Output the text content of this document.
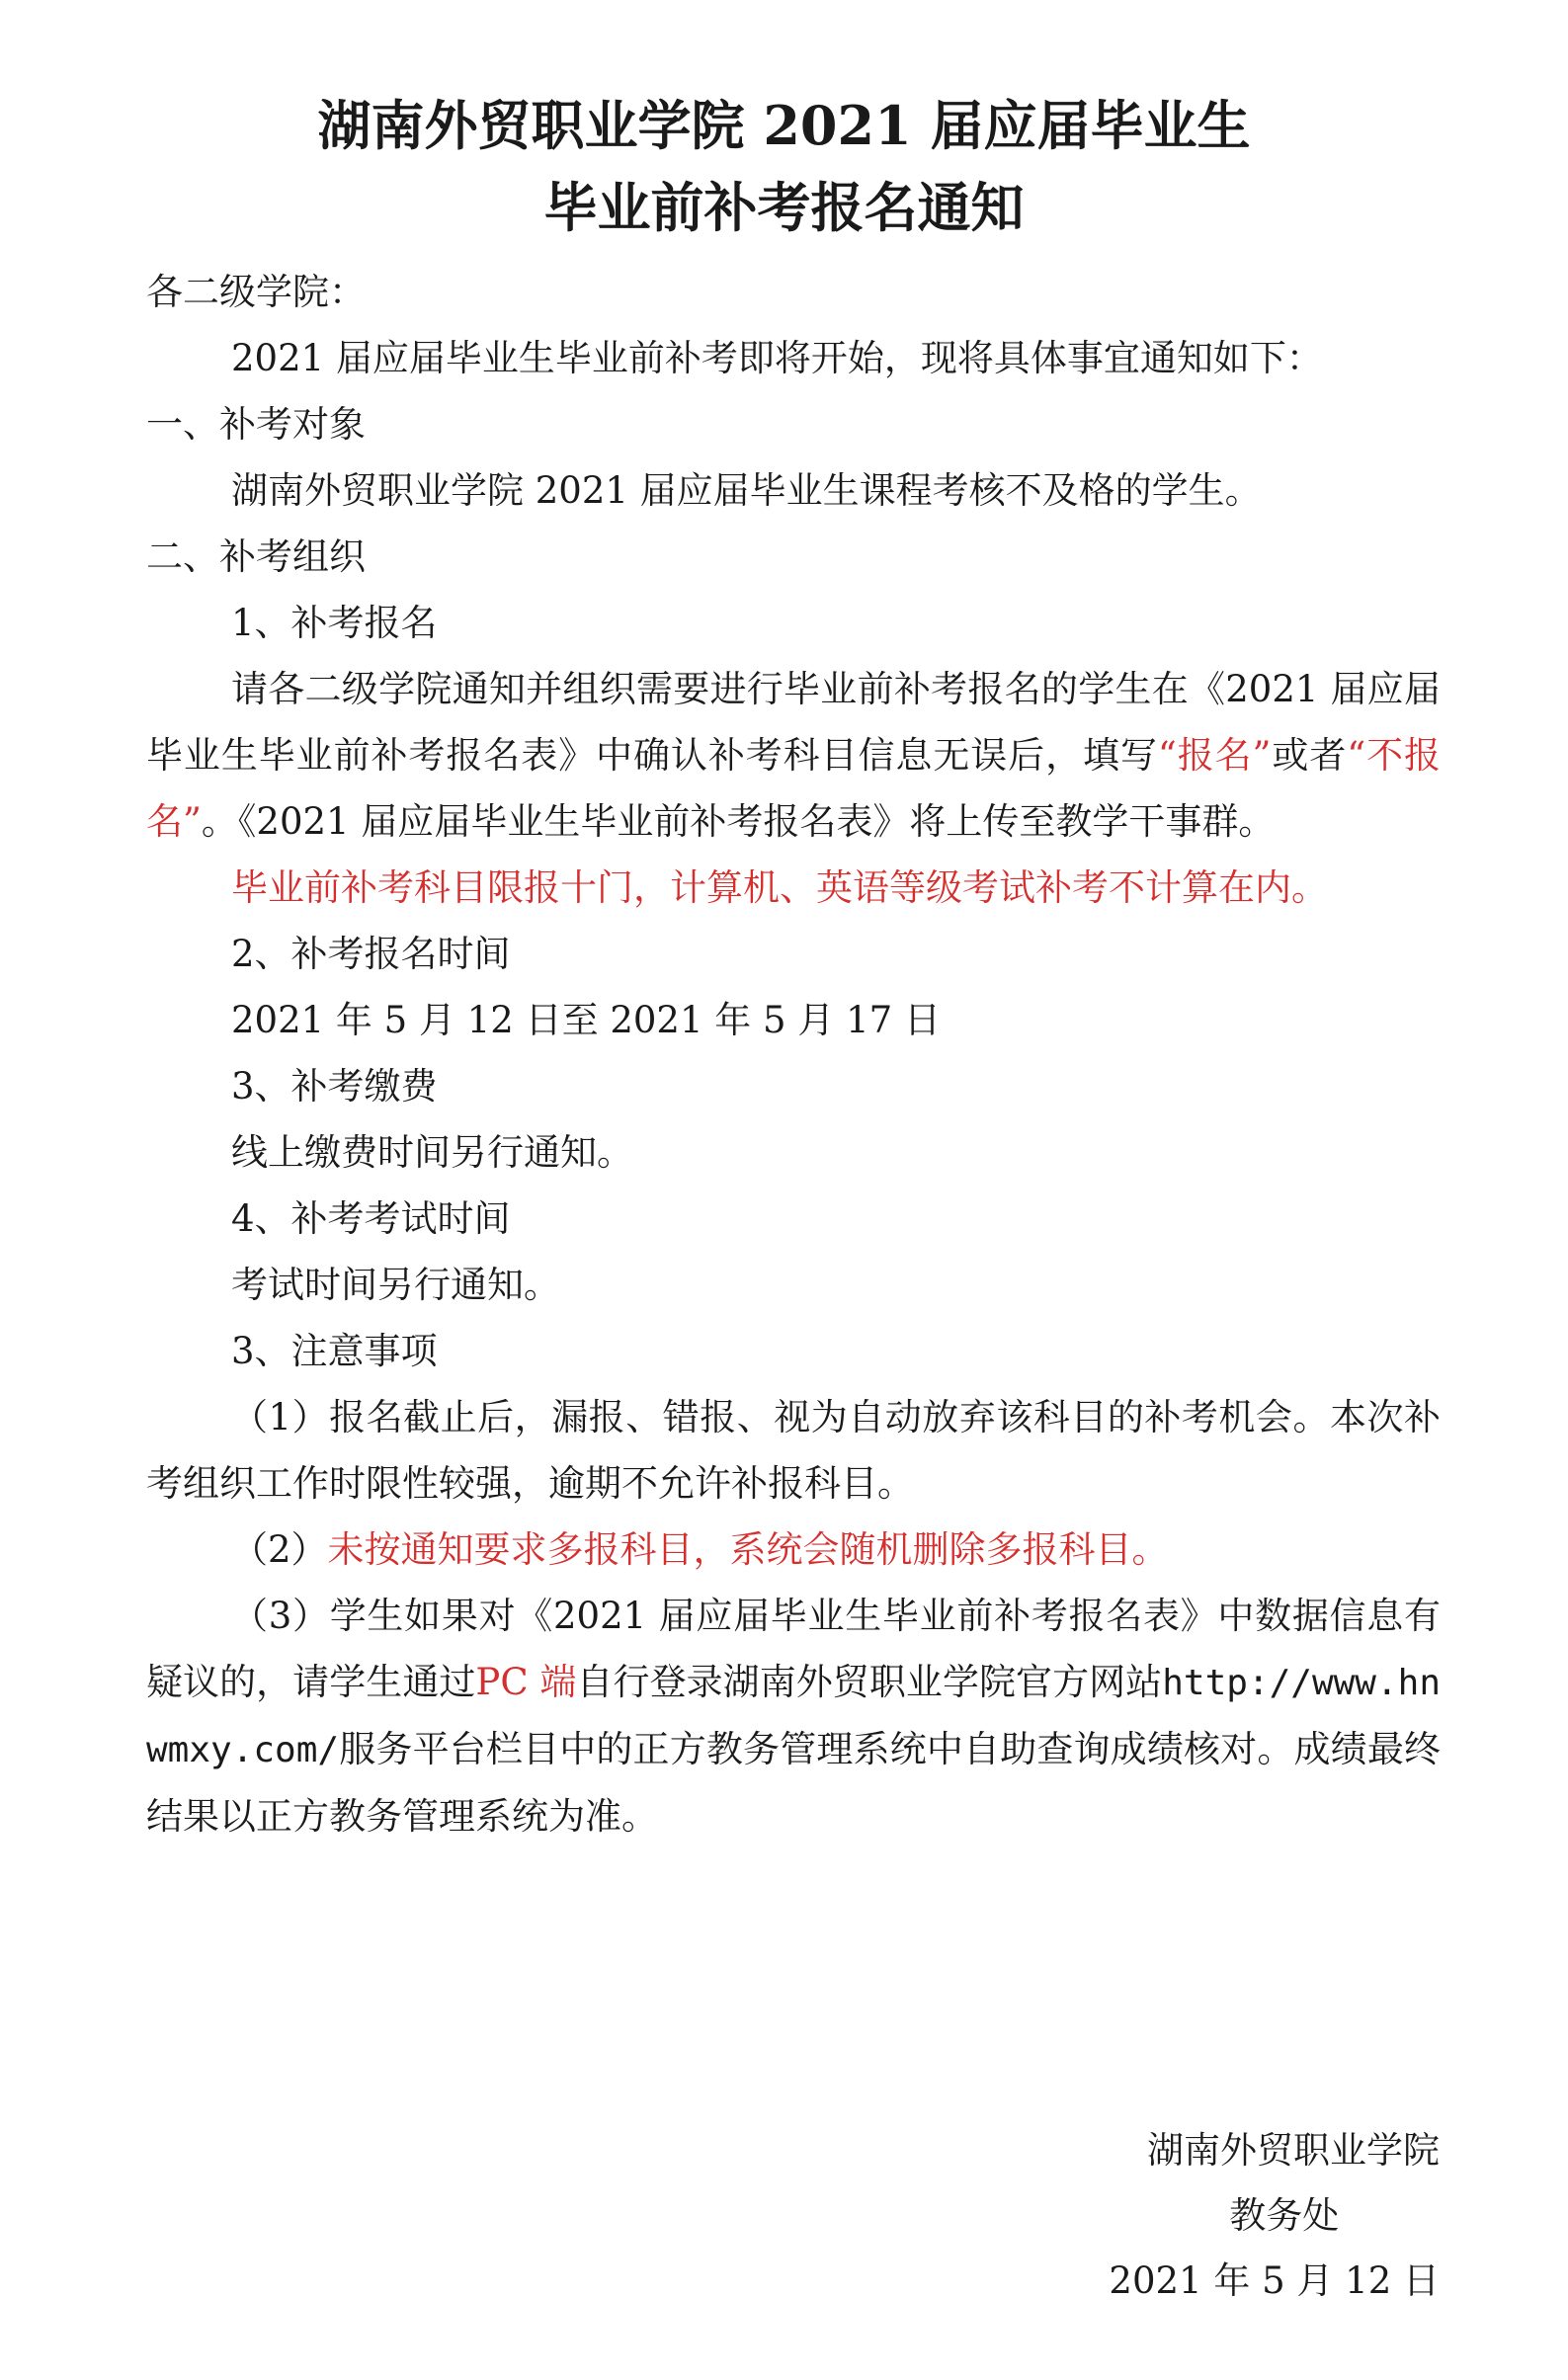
湖南外贸职业学院 2021 届应届毕业生
毕业前补考报名通知

各二级学院：

2021 届应届毕业生毕业前补考即将开始，现将具体事宜通知如下：

一、补考对象

湖南外贸职业学院 2021 届应届毕业生课程考核不及格的学生。

二、补考组织

1、补考报名

请各二级学院通知并组织需要进行毕业前补考报名的学生在《2021 届应届毕业生毕业前补考报名表》中确认补考科目信息无误后，填写“报名”或者“不报名”。《2021 届应届毕业生毕业前补考报名表》将上传至教学干事群。

毕业前补考科目限报十门，计算机、英语等级考试补考不计算在内。

2、补考报名时间

2021 年 5 月 12 日至 2021 年 5 月 17 日

3、补考缴费

线上缴费时间另行通知。

4、补考考试时间

考试时间另行通知。

3、注意事项

（1）报名截止后，漏报、错报、视为自动放弃该科目的补考机会。本次补考组织工作时限性较强，逾期不允许补报科目。

（2）未按通知要求多报科目，系统会随机删除多报科目。

（3）学生如果对《2021 届应届毕业生毕业前补考报名表》中数据信息有疑议的，请学生通过PC 端自行登录湖南外贸职业学院官方网站http://www.hnwmxy.com/服务平台栏目中的正方教务管理系统中自助查询成绩核对。成绩最终结果以正方教务管理系统为准。

湖南外贸职业学院
教务处
2021 年 5 月 12 日
